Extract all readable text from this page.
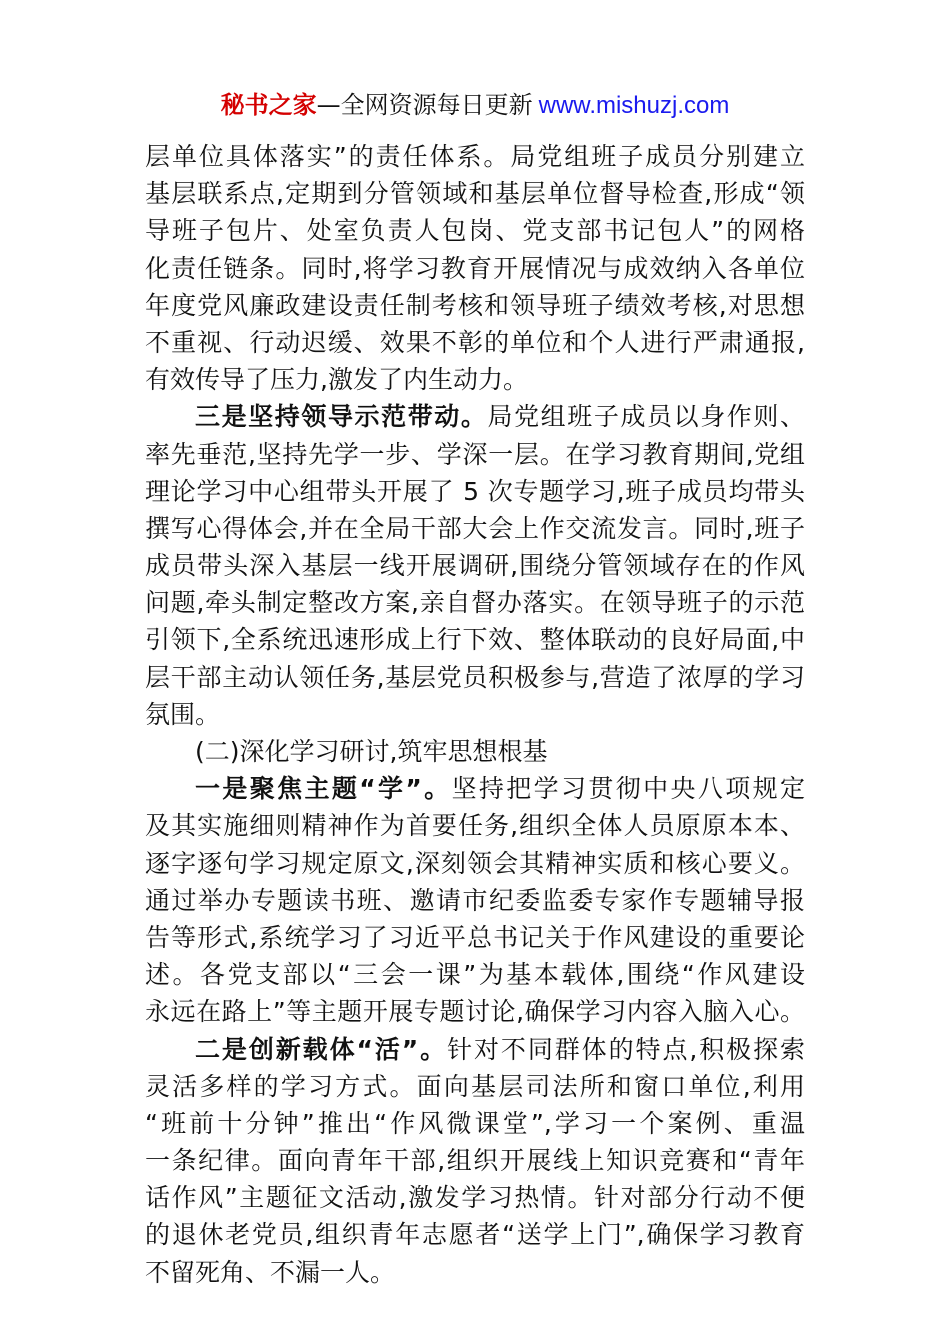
秘书之家—全网资源每日更新 www.mishuzj.com
层单位具体落实”的责任体系。局党组班子成员分别建立
基层联系点,定期到分管领域和基层单位督导检查,形成“领
导班子包片、处室负责人包岗、党支部书记包人”的网格
化责任链条。同时,将学习教育开展情况与成效纳入各单位
年度党风廉政建设责任制考核和领导班子绩效考核,对思想
不重视、行动迟缓、效果不彰的单位和个人进行严肃通报,
有效传导了压力,激发了内生动力。
三是坚持领导示范带动。局党组班子成员以身作则、
率先垂范,坚持先学一步、学深一层。在学习教育期间,党组
理论学习中心组带头开展了 5 次专题学习,班子成员均带头
撰写心得体会,并在全局干部大会上作交流发言。同时,班子
成员带头深入基层一线开展调研,围绕分管领域存在的作风
问题,牵头制定整改方案,亲自督办落实。在领导班子的示范
引领下,全系统迅速形成上行下效、整体联动的良好局面,中
层干部主动认领任务,基层党员积极参与,营造了浓厚的学习
氛围。
(二)深化学习研讨,筑牢思想根基
一是聚焦主题“学”。坚持把学习贯彻中央八项规定
及其实施细则精神作为首要任务,组织全体人员原原本本、
逐字逐句学习规定原文,深刻领会其精神实质和核心要义。
通过举办专题读书班、邀请市纪委监委专家作专题辅导报
告等形式,系统学习了习近平总书记关于作风建设的重要论
述。各党支部以“三会一课”为基本载体,围绕“作风建设
永远在路上”等主题开展专题讨论,确保学习内容入脑入心。
二是创新载体“活”。针对不同群体的特点,积极探索
灵活多样的学习方式。面向基层司法所和窗口单位,利用
“班前十分钟”推出“作风微课堂”,学习一个案例、重温
一条纪律。面向青年干部,组织开展线上知识竞赛和“青年
话作风”主题征文活动,激发学习热情。针对部分行动不便
的退休老党员,组织青年志愿者“送学上门”,确保学习教育
不留死角、不漏一人。
